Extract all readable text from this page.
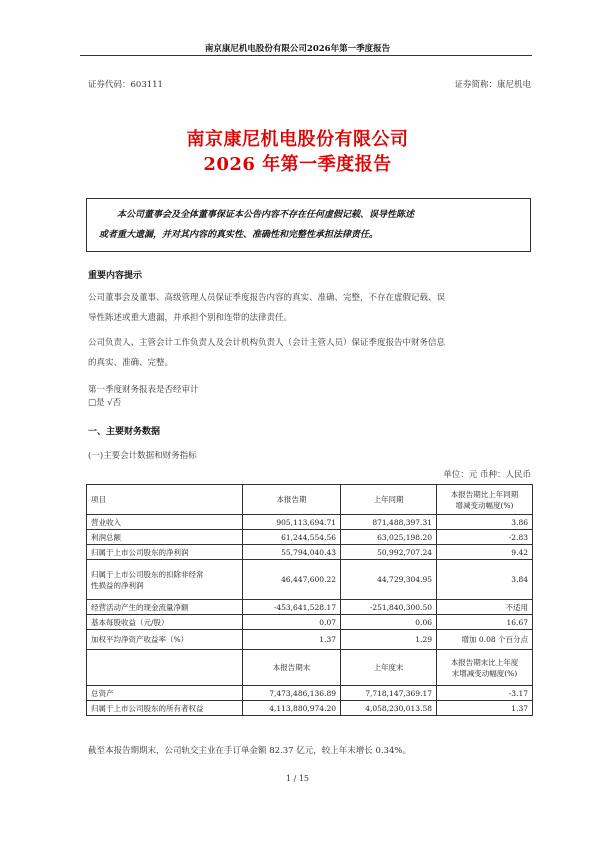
南京康尼机电股份有限公司2026年第一季度报告
证券代码：603111	证券简称：康尼机电
南京康尼机电股份有限公司
2026 年第一季度报告
本公司董事会及全体董事保证本公告内容不存在任何虚假记载、误导性陈述
或者重大遗漏，并对其内容的真实性、准确性和完整性承担法律责任。
重要内容提示
公司董事会及董事、高级管理人员保证季度报告内容的真实、准确、完整，不存在虚假记载、误
导性陈述或重大遗漏，并承担个别和连带的法律责任。
公司负责人、主管会计工作负责人及会计机构负责人（会计主管人员）保证季度报告中财务信息
的真实、准确、完整。
第一季度财务报表是否经审计
□是 √否
一、主要财务数据
(一)主要会计数据和财务指标
单位：元 币种：人民币
项目	本报告期	上年同期	本报告期比上年同期
增减变动幅度(%)

营业收入	905,113,694.71	871,488,397.31	3.86
利润总额	61,244,554.56	63,025,198.20	-2.83
归属于上市公司股东的净利润	55,794,040.43	50,992,707.24	9.42

归属于上市公司股东的扣除非经常
性损益的净利润	46,447,600.22	44,729,304.95	3.84
经营活动产生的现金流量净额	-453,641,528.17	-251,840,300.50	不适用
基本每股收益（元/股）	0.07	0.06	16.67
加权平均净资产收益率（%）	1.37	1.29	增加 0.08 个百分点
	本报告期末	上年度末	本报告期末比上年度
末增减变动幅度(%)

总资产	7,473,486,136.89	7,718,147,369.17	-3.17
归属于上市公司股东的所有者权益	4,113,880,974.20	4,058,230,013.58	1.37
截至本报告期期末，公司轨交主业在手订单金额 82.37 亿元，较上年末增长 0.34%。
1 / 15
